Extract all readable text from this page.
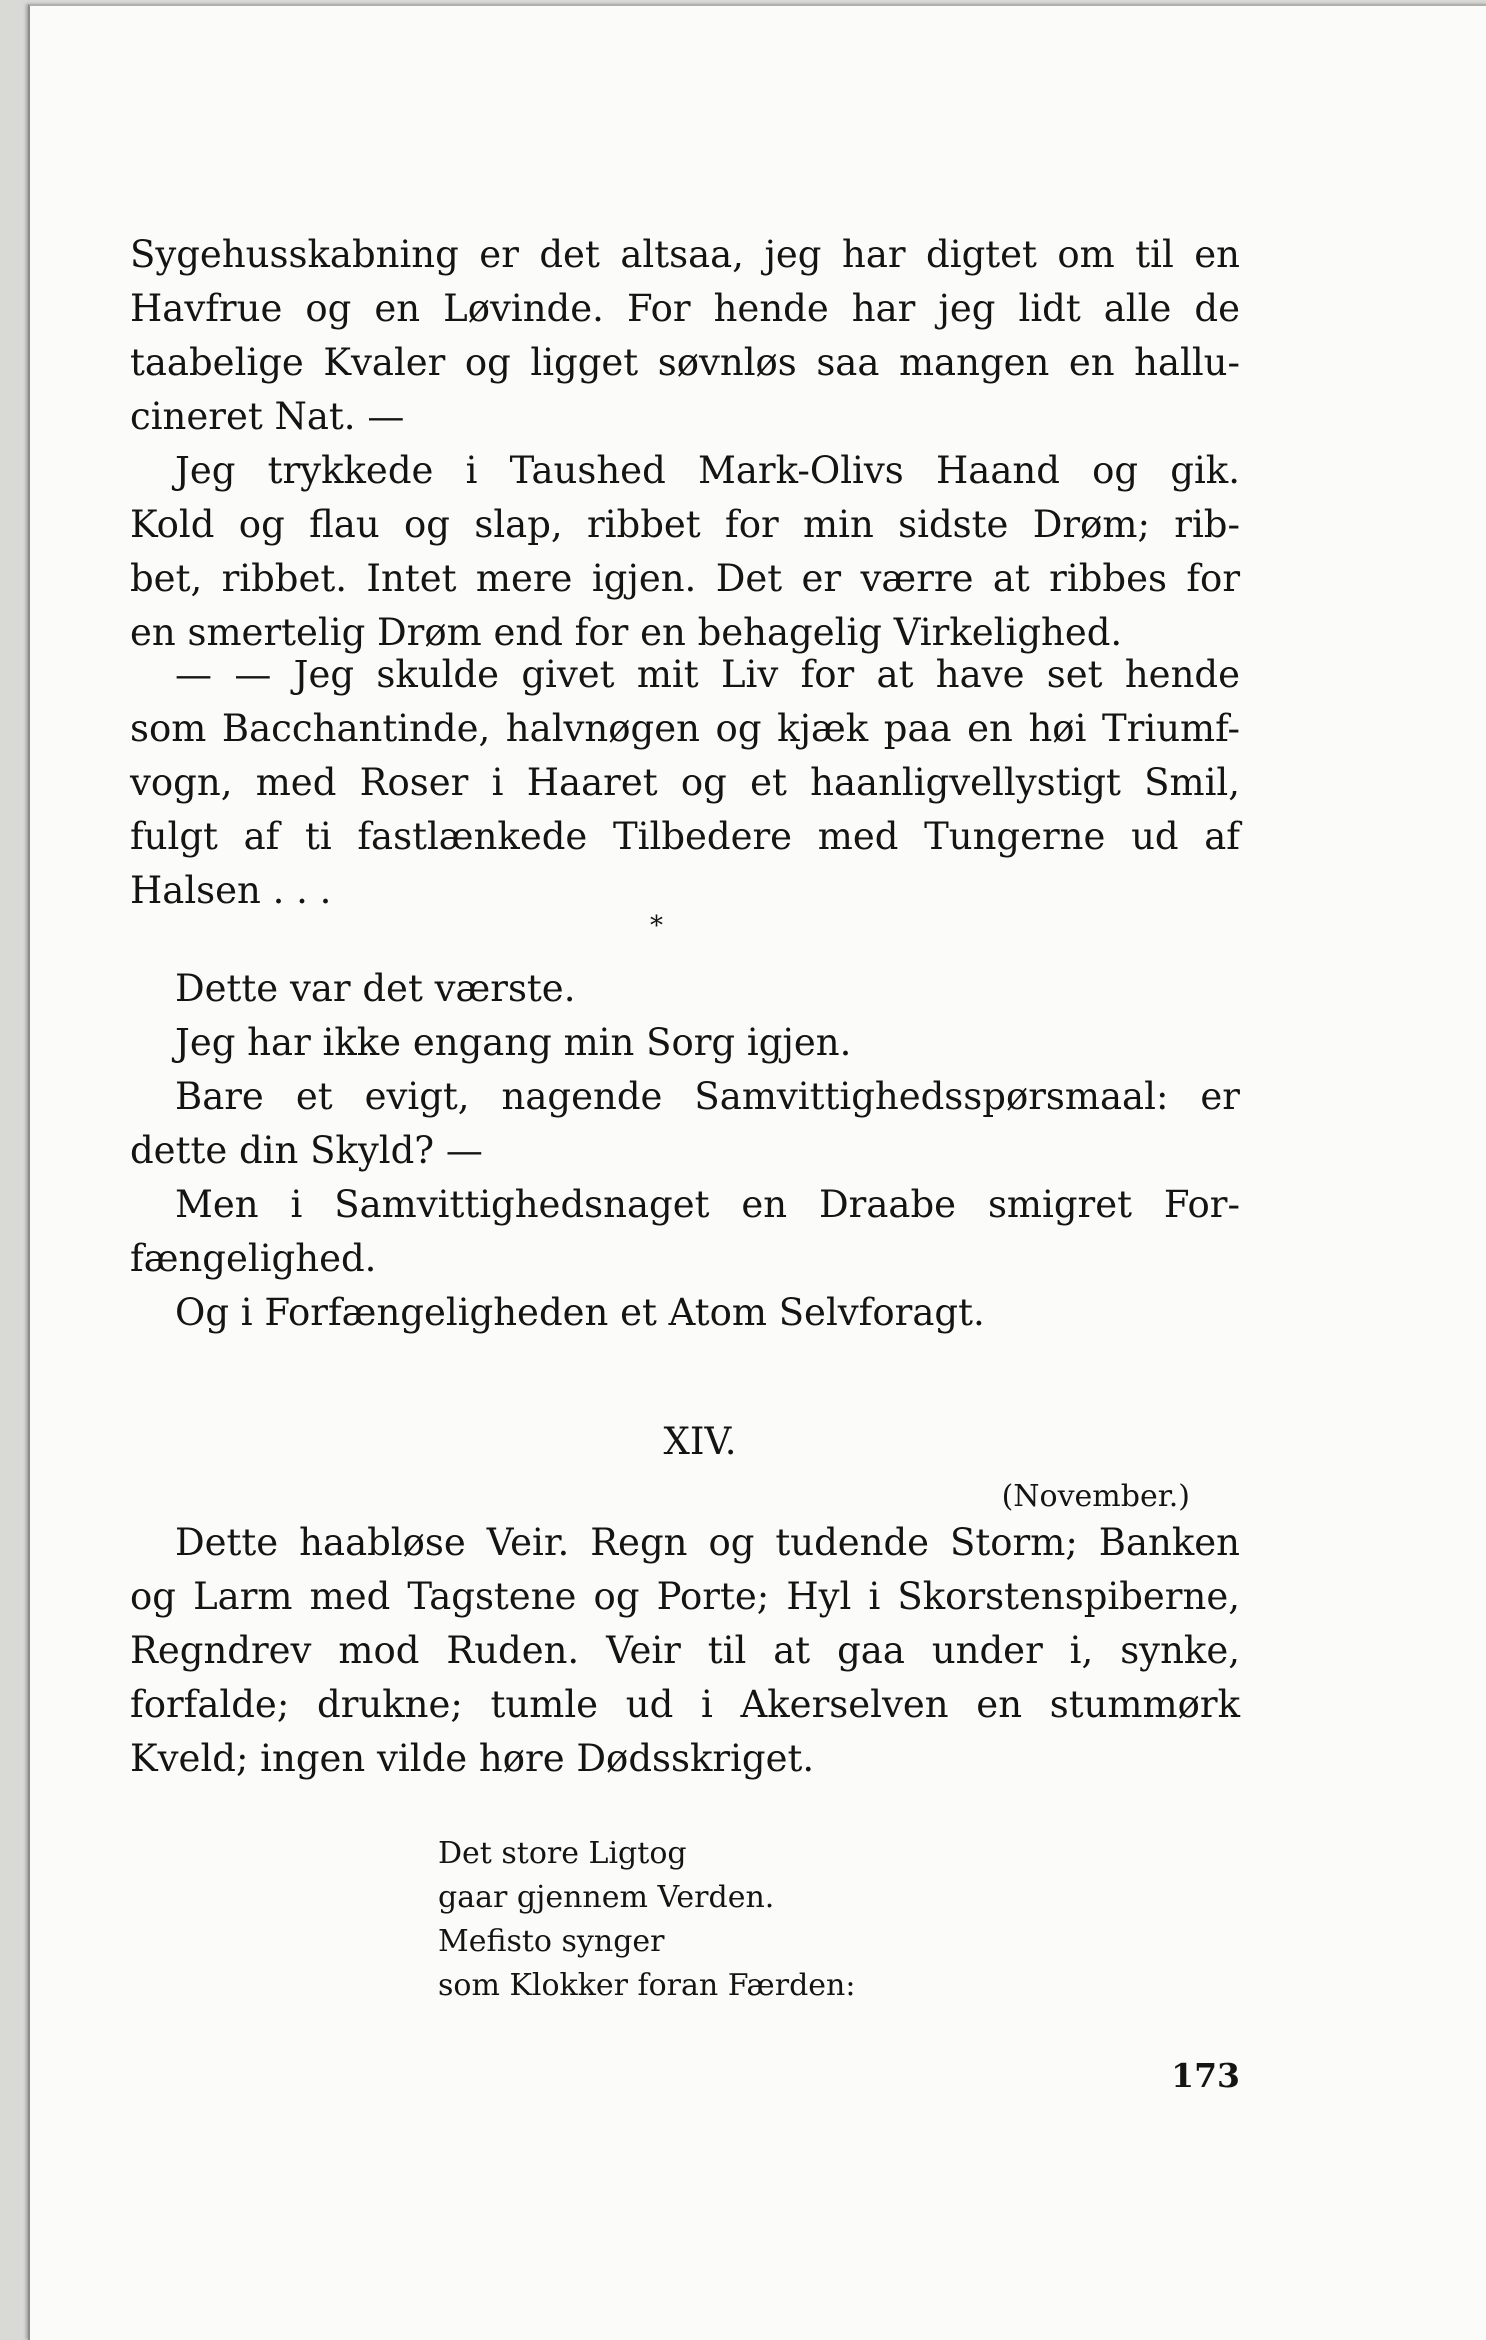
Sygehusskabning er det altsaa, jeg har digtet om til en
Havfrue og en Løvinde. For hende har jeg lidt alle de
taabelige Kvaler og ligget søvnløs saa mangen en hallu-
cineret Nat. —
Jeg trykkede i Taushed Mark-Olivs Haand og gik.
Kold og flau og slap, ribbet for min sidste Drøm; rib-
bet, ribbet. Intet mere igjen. Det er værre at ribbes for
en smertelig Drøm end for en behagelig Virkelighed.
— — Jeg skulde givet mit Liv for at have set hende
som Bacchantinde, halvnøgen og kjæk paa en høi Triumf-
vogn, med Roser i Haaret og et haanligvellystigt Smil,
fulgt af ti fastlænkede Tilbedere med Tungerne ud af
Halsen . . .
*
Dette var det værste.
Jeg har ikke engang min Sorg igjen.
Bare et evigt, nagende Samvittighedsspørsmaal: er
dette din Skyld? —
Men i Samvittighedsnaget en Draabe smigret For-
fængelighed.
Og i Forfængeligheden et Atom Selvforagt.
XIV.
(November.)
Dette haabløse Veir. Regn og tudende Storm; Banken
og Larm med Tagstene og Porte; Hyl i Skorstenspiberne,
Regndrev mod Ruden. Veir til at gaa under i, synke,
forfalde; drukne; tumle ud i Akerselven en stummørk
Kveld; ingen vilde høre Dødsskriget.
Det store Ligtog
gaar gjennem Verden.
Mefisto synger
som Klokker foran Færden:
173
